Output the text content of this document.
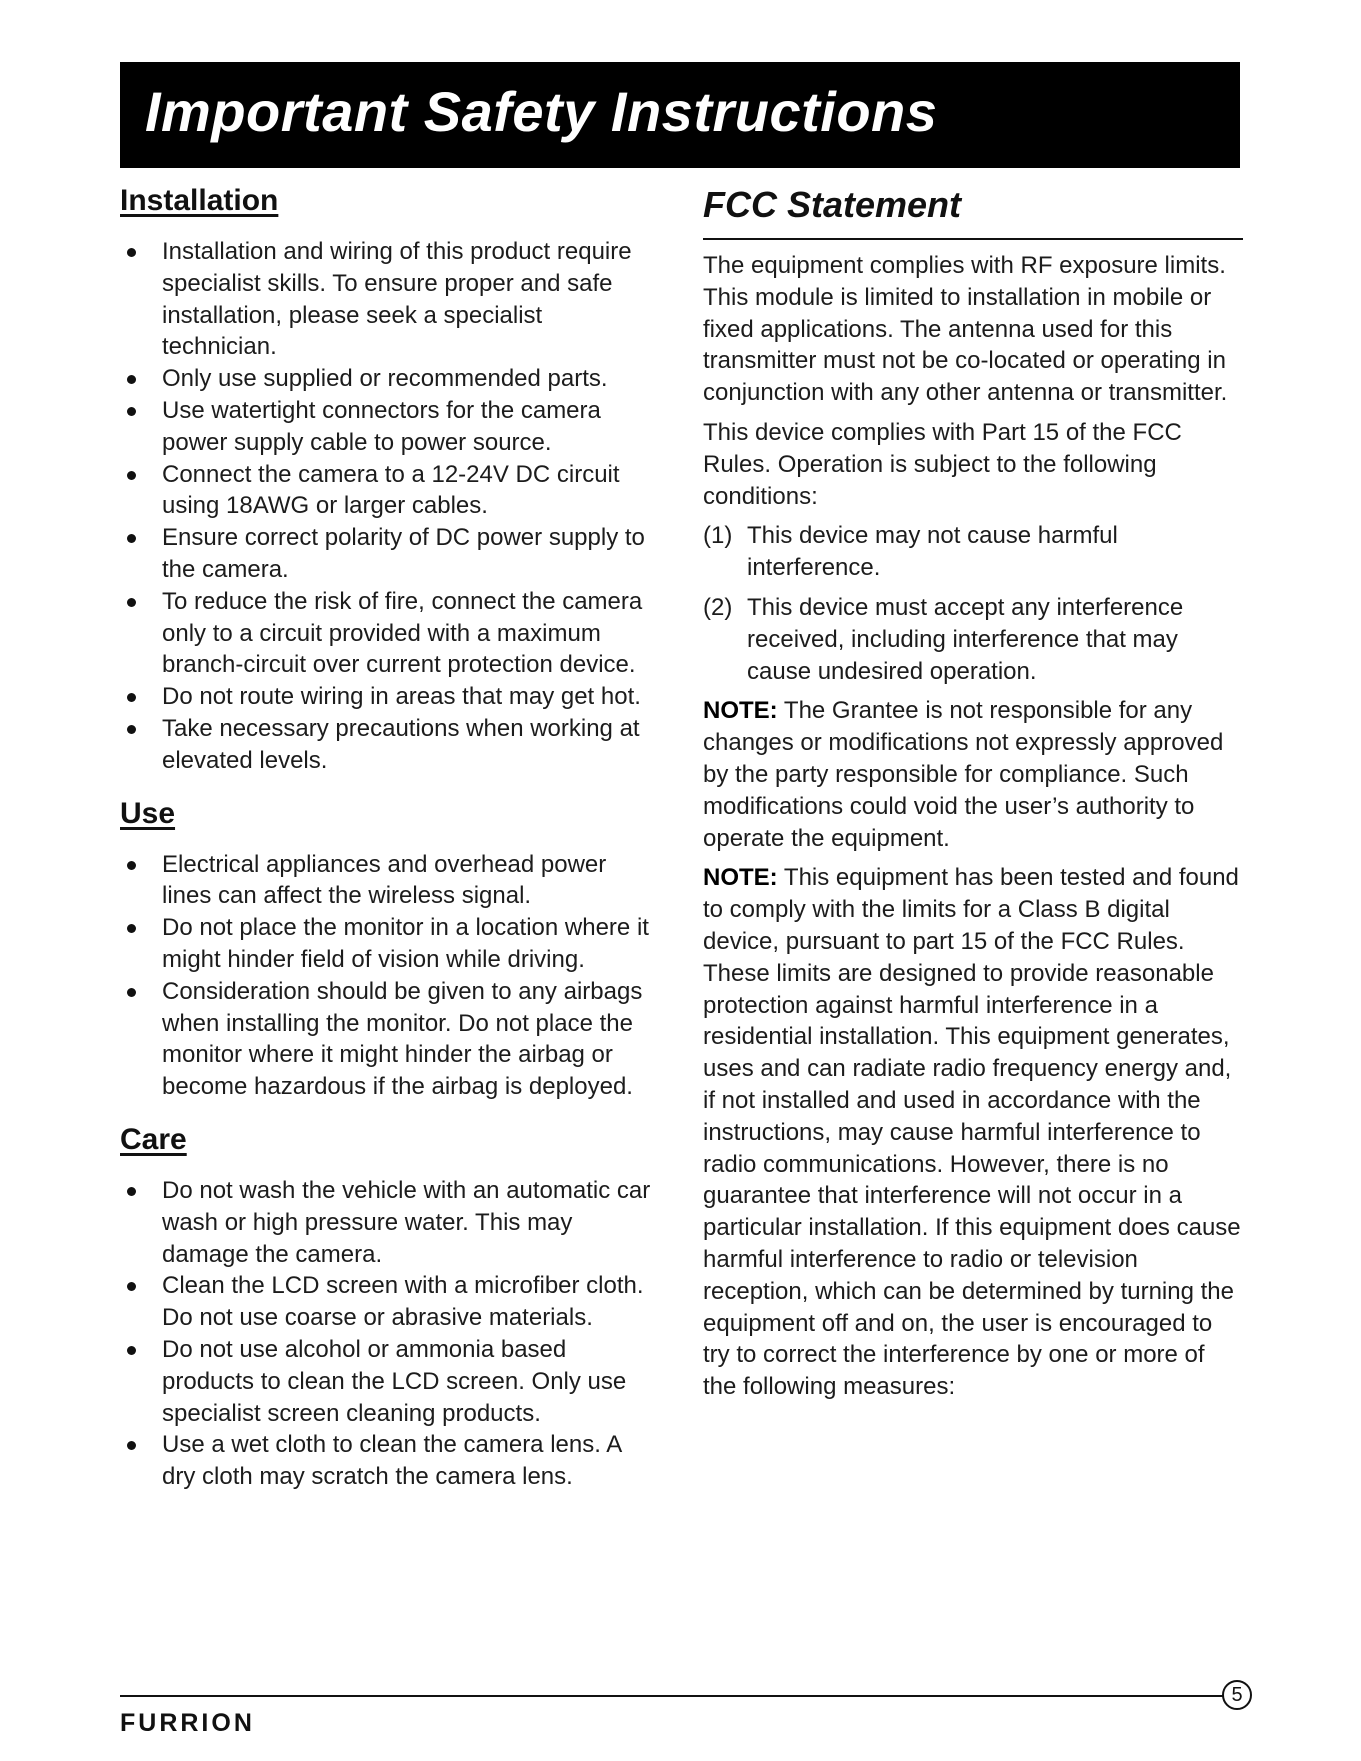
Important Safety Instructions
Installation
Installation and wiring of this product require specialist skills. To ensure proper and safe installation, please seek a specialist technician.
Only use supplied or recommended parts.
Use watertight connectors for the camera power supply cable to power source.
Connect the camera to a 12-24V DC circuit using 18AWG or larger cables.
Ensure correct polarity of DC power supply to the camera.
To reduce the risk of fire, connect the camera only to a circuit provided with a maximum branch-circuit over current protection device.
Do not route wiring in areas that may get hot.
Take necessary precautions when working at elevated levels.
Use
Electrical appliances and overhead power lines can affect the wireless signal.
Do not place the monitor in a location where it might hinder field of vision while driving.
Consideration should be given to any airbags when installing the monitor. Do not place the monitor where it might hinder the airbag or become hazardous if the airbag is deployed.
Care
Do not wash the vehicle with an automatic car wash or high pressure water. This may damage the camera.
Clean the LCD screen with a microfiber cloth. Do not use coarse or abrasive materials.
Do not use alcohol or ammonia based products to clean the LCD screen. Only use specialist screen cleaning products.
Use a wet cloth to clean the camera lens. A dry cloth may scratch the camera lens.
FCC Statement

The equipment complies with RF exposure limits. This module is limited to installation in mobile or fixed applications. The antenna used for this transmitter must not be co-located or operating in conjunction with any other antenna or transmitter.

This device complies with Part 15 of the FCC Rules. Operation is subject to the following conditions:

(1) This device may not cause harmful interference.
(2) This device must accept any interference received, including interference that may cause undesired operation.

NOTE: The Grantee is not responsible for any changes or modifications not expressly approved by the party responsible for compliance. Such modifications could void the user’s authority to operate the equipment.

NOTE: This equipment has been tested and found to comply with the limits for a Class B digital device, pursuant to part 15 of the FCC Rules. These limits are designed to provide reasonable protection against harmful interference in a residential installation. This equipment generates, uses and can radiate radio frequency energy and, if not installed and used in accordance with the instructions, may cause harmful interference to radio communications. However, there is no guarantee that interference will not occur in a particular installation. If this equipment does cause harmful interference to radio or television reception, which can be determined by turning the equipment off and on, the user is encouraged to try to correct the interference by one or more of the following measures:

5
FURRION
